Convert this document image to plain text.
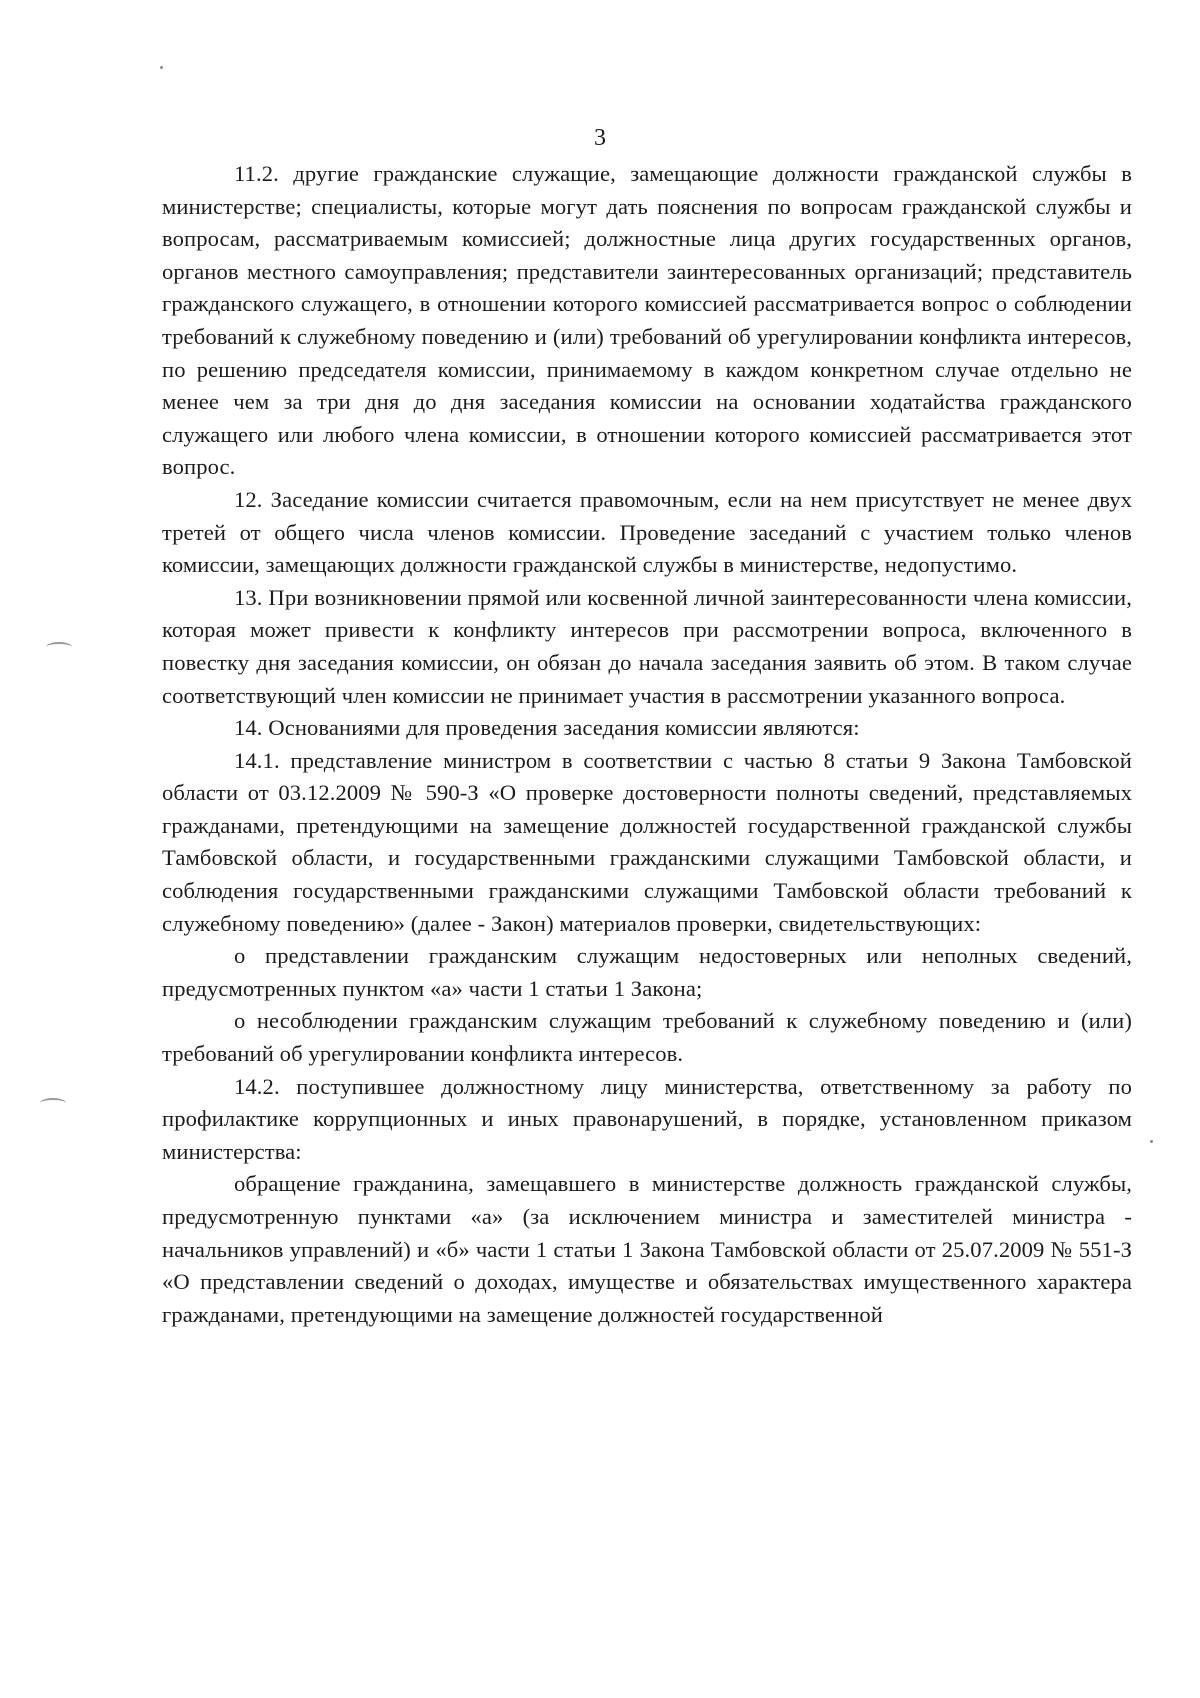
3

11.2. другие гражданские служащие, замещающие должности гражданской службы в министерстве; специалисты, которые могут дать пояснения по вопросам гражданской службы и вопросам, рассматриваемым комиссией; должностные лица других государственных органов, органов местного самоуправления; представители заинтересованных организаций; представитель гражданского служащего, в отношении которого комиссией рассматривается вопрос о соблюдении требований к служебному поведению и (или) требований об урегулировании конфликта интересов, по решению председателя комиссии, принимаемому в каждом конкретном случае отдельно не менее чем за три дня до дня заседания комиссии на основании ходатайства гражданского служащего или любого члена комиссии, в отношении которого комиссией рассматривается этот вопрос.

12. Заседание комиссии считается правомочным, если на нем присутствует не менее двух третей от общего числа членов комиссии. Проведение заседаний с участием только членов комиссии, замещающих должности гражданской службы в министерстве, недопустимо.

13. При возникновении прямой или косвенной личной заинтересованности члена комиссии, которая может привести к конфликту интересов при рассмотрении вопроса, включенного в повестку дня заседания комиссии, он обязан до начала заседания заявить об этом. В таком случае соответствующий член комиссии не принимает участия в рассмотрении указанного вопроса.

14. Основаниями для проведения заседания комиссии являются:

14.1. представление министром в соответствии с частью 8 статьи 9 Закона Тамбовской области от 03.12.2009 № 590-З «О проверке достоверности полноты сведений, представляемых гражданами, претендующими на замещение должностей государственной гражданской службы Тамбовской области, и государственными гражданскими служащими Тамбовской области, и соблюдения государственными гражданскими служащими Тамбовской области требований к служебному поведению» (далее - Закон) материалов проверки, свидетельствующих:

о представлении гражданским служащим недостоверных или неполных сведений, предусмотренных пунктом «а» части 1 статьи 1 Закона;

о несоблюдении гражданским служащим требований к служебному поведению и (или) требований об урегулировании конфликта интересов.

14.2. поступившее должностному лицу министерства, ответственному за работу по профилактике коррупционных и иных правонарушений, в порядке, установленном приказом министерства:

обращение гражданина, замещавшего в министерстве должность гражданской службы, предусмотренную пунктами «а» (за исключением министра и заместителей министра - начальников управлений) и «б» части 1 статьи 1 Закона Тамбовской области от 25.07.2009 № 551-З «О представлении сведений о доходах, имуществе и обязательствах имущественного характера гражданами, претендующими на замещение должностей государственной
